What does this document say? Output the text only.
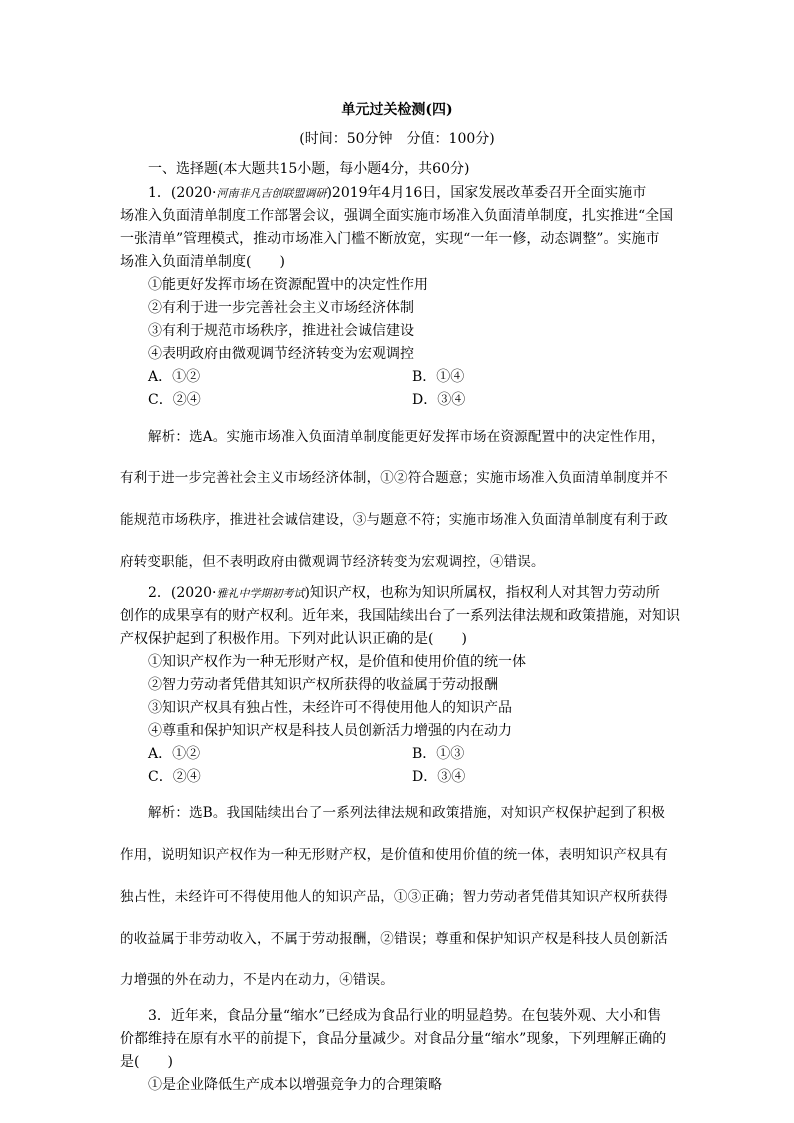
单元过关检测(四)
(时间：50分钟　分值：100分)
一、选择题(本大题共15小题，每小题4分，共60分)
1．(2020·河南非凡吉创联盟调研)2019年4月16日，国家发展改革委召开全面实施市
场准入负面清单制度工作部署会议，强调全面实施市场准入负面清单制度，扎实推进“全国
一张清单”管理模式，推动市场准入门槛不断放宽，实现“一年一修，动态调整”。实施市
场准入负面清单制度(　　)
①能更好发挥市场在资源配置中的决定性作用
②有利于进一步完善社会主义市场经济体制
③有利于规范市场秩序，推进社会诚信建设
④表明政府由微观调节经济转变为宏观调控
A．①②	B．①④
C．②④	D．③④
解析：选A。实施市场准入负面清单制度能更好发挥市场在资源配置中的决定性作用，
有利于进一步完善社会主义市场经济体制，①②符合题意；实施市场准入负面清单制度并不
能规范市场秩序，推进社会诚信建设，③与题意不符；实施市场准入负面清单制度有利于政
府转变职能，但不表明政府由微观调节经济转变为宏观调控，④错误。
2．(2020·雅礼中学期初考试)知识产权，也称为知识所属权，指权利人对其智力劳动所
创作的成果享有的财产权利。近年来，我国陆续出台了一系列法律法规和政策措施，对知识
产权保护起到了积极作用。下列对此认识正确的是(　　)
①知识产权作为一种无形财产权，是价值和使用价值的统一体
②智力劳动者凭借其知识产权所获得的收益属于劳动报酬
③知识产权具有独占性，未经许可不得使用他人的知识产品
④尊重和保护知识产权是科技人员创新活力增强的内在动力
A．①②	B．①③
C．②④	D．③④
解析：选B。我国陆续出台了一系列法律法规和政策措施，对知识产权保护起到了积极
作用，说明知识产权作为一种无形财产权，是价值和使用价值的统一体，表明知识产权具有
独占性，未经许可不得使用他人的知识产品，①③正确；智力劳动者凭借其知识产权所获得
的收益属于非劳动收入，不属于劳动报酬，②错误；尊重和保护知识产权是科技人员创新活
力增强的外在动力，不是内在动力，④错误。
3．近年来，食品分量“缩水”已经成为食品行业的明显趋势。在包装外观、大小和售
价都维持在原有水平的前提下，食品分量减少。对食品分量“缩水”现象，下列理解正确的
是(　　)
①是企业降低生产成本以增强竞争力的合理策略
